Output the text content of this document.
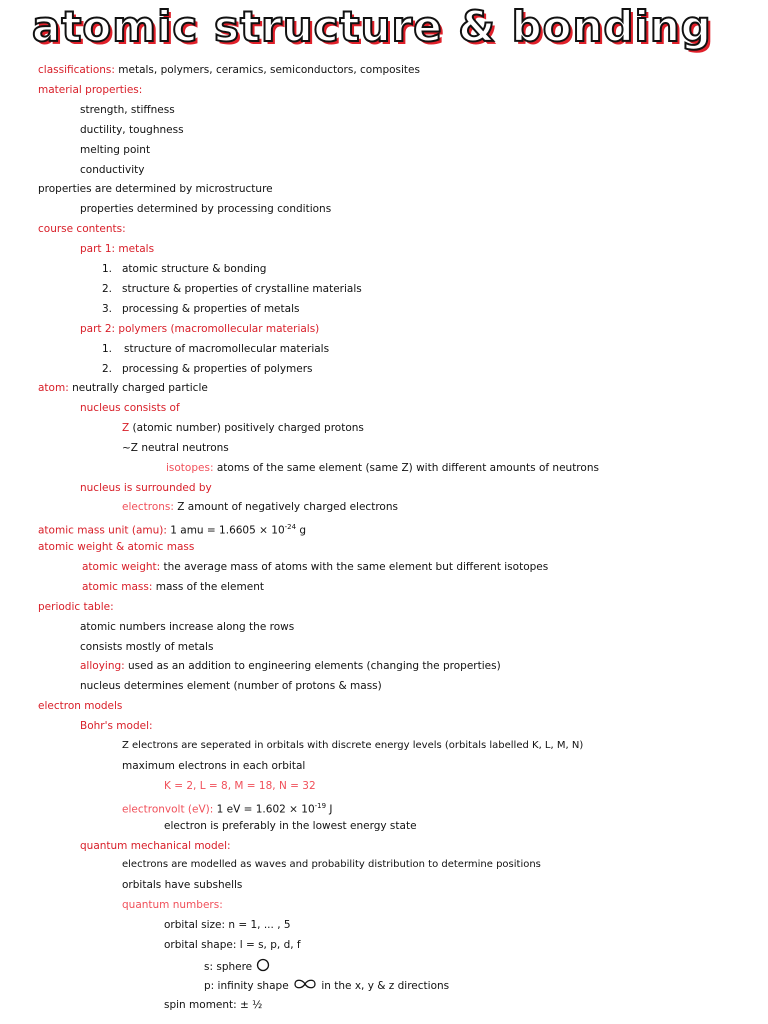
atomic structure & bonding
classifications: metals, polymers, ceramics, semiconductors, composites
material properties:
strength, stiffness
ductility, toughness
melting point
conductivity
properties are determined by microstructure
properties determined by processing conditions
course contents:
part 1: metals
1. atomic structure & bonding
2. structure & properties of crystalline materials
3. processing & properties of metals
part 2: polymers (macromollecular materials)
1. structure of macromollecular materials
2. processing & properties of polymers
atom: neutrally charged particle
nucleus consists of
Z (atomic number) positively charged protons
~Z neutral neutrons
isotopes: atoms of the same element (same Z) with different amounts of neutrons
nucleus is surrounded by
electrons: Z amount of negatively charged electrons
atomic mass unit (amu): 1 amu = $1.6605 \times 10^{-24}$ g
atomic weight & atomic mass
atomic weight: the average mass of atoms with the same element but different isotopes
atomic mass: mass of the element
periodic table:
atomic numbers increase along the rows
consists mostly of metals
alloying: used as an addition to engineering elements (changing the properties)
nucleus determines element (number of protons & mass)
electron models
Bohr's model:
Z electrons are seperated in orbitals with discrete energy levels (orbitals labelled K, L, M, N)
maximum electrons in each orbital
K = 2, L = 8, M = 18, N = 32
electronvolt (eV): 1 eV = $1.602 \times 10^{-19}$ J
electron is preferably in the lowest energy state
quantum mechanical model:
electrons are modelled as waves and probability distribution to determine positions
orbitals have subshells
quantum numbers:
orbital size: n = 1, ... , 5
orbital shape: l = s, p, d, f
s: sphere
p: infinity shape	in the x, y & z directions
spin moment: ± ½
